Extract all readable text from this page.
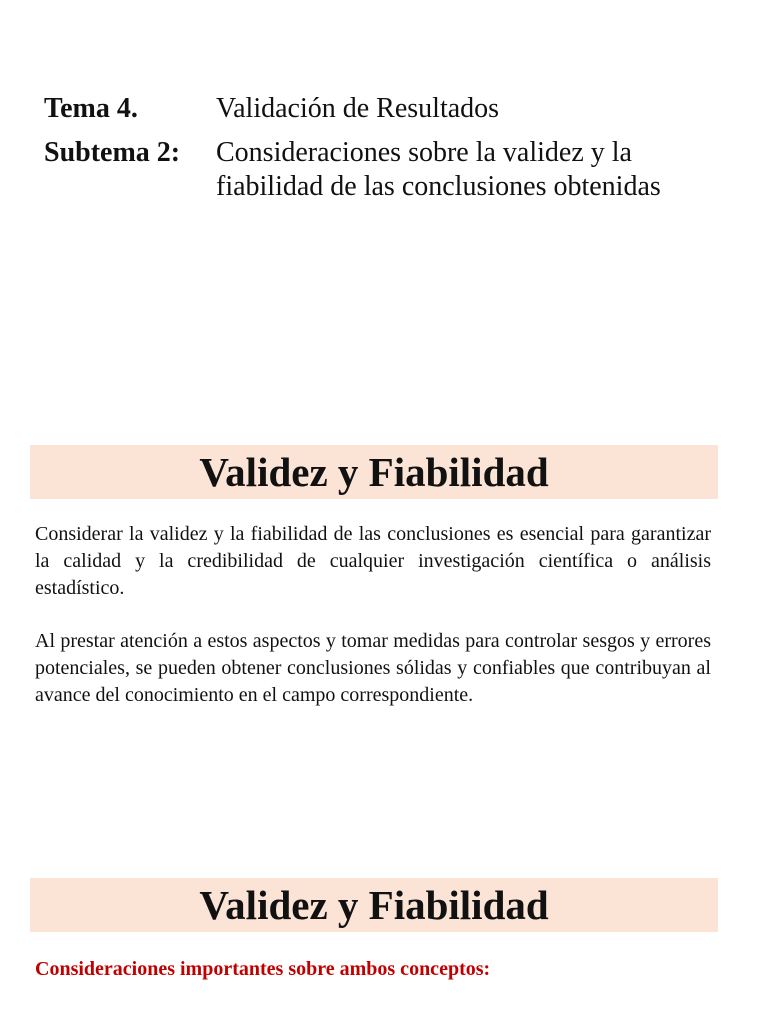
Tema 4.	Validación de Resultados
Subtema 2:	Consideraciones sobre la validez y la fiabilidad de las conclusiones obtenidas
Validez y Fiabilidad

Considerar la validez y la fiabilidad de las conclusiones es esencial para garantizar la calidad y la credibilidad de cualquier investigación científica o análisis estadístico.

Al prestar atención a estos aspectos y tomar medidas para controlar sesgos y errores potenciales, se pueden obtener conclusiones sólidas y confiables que contribuyan al avance del conocimiento en el campo correspondiente.

Validez y Fiabilidad
Consideraciones importantes sobre ambos conceptos:
